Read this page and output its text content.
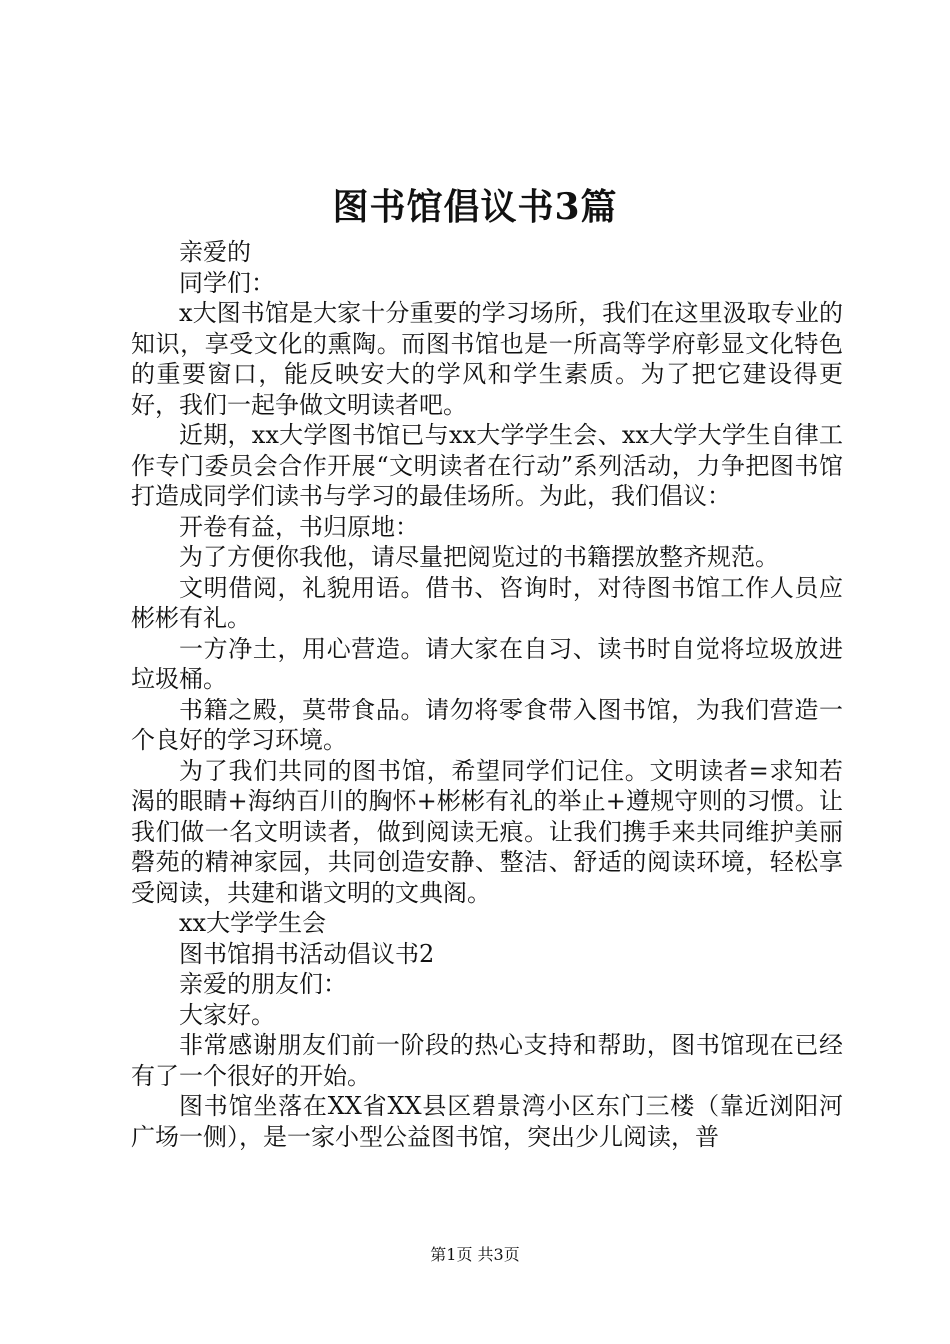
图书馆倡议书3篇

亲爱的

同学们：

x大图书馆是大家十分重要的学习场所，我们在这里汲取专业的知识，享受文化的熏陶。而图书馆也是一所高等学府彰显文化特色的重要窗口，能反映安大的学风和学生素质。为了把它建设得更好，我们一起争做文明读者吧。

近期，xx大学图书馆已与xx大学学生会、xx大学大学生自律工作专门委员会合作开展“文明读者在行动”系列活动，力争把图书馆打造成同学们读书与学习的最佳场所。为此，我们倡议：

开卷有益，书归原地：

为了方便你我他，请尽量把阅览过的书籍摆放整齐规范。

文明借阅，礼貌用语。借书、咨询时，对待图书馆工作人员应彬彬有礼。

一方净土，用心营造。请大家在自习、读书时自觉将垃圾放进垃圾桶。

书籍之殿，莫带食品。请勿将零食带入图书馆，为我们营造一个良好的学习环境。

为了我们共同的图书馆，希望同学们记住。文明读者=求知若渴的眼睛+海纳百川的胸怀+彬彬有礼的举止+遵规守则的习惯。让我们做一名文明读者，做到阅读无痕。让我们携手来共同维护美丽磬苑的精神家园，共同创造安静、整洁、舒适的阅读环境，轻松享受阅读，共建和谐文明的文典阁。

xx大学学生会

图书馆捐书活动倡议书2

亲爱的朋友们：

大家好。

非常感谢朋友们前一阶段的热心支持和帮助，图书馆现在已经有了一个很好的开始。

图书馆坐落在XX省XX县区碧景湾小区东门三楼（靠近浏阳河广场一侧），是一家小型公益图书馆，突出少儿阅读，普

第1页 共3页
